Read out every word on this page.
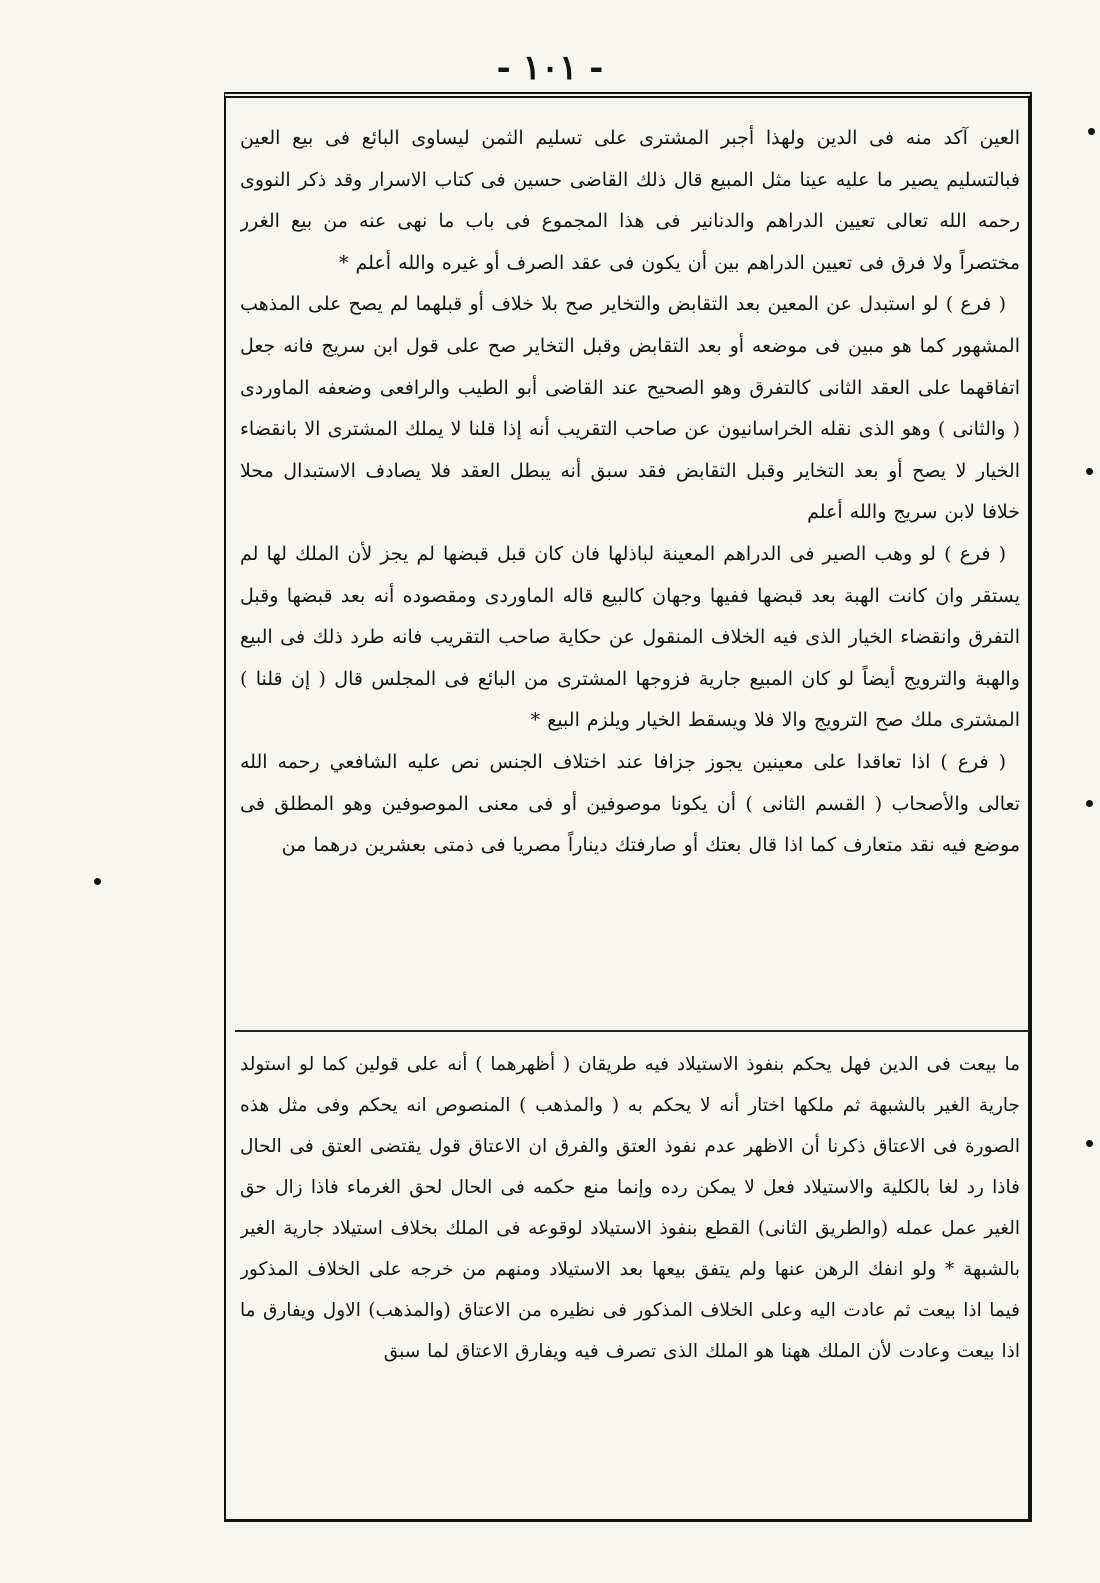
- ١٠١ -

العين آكد منه فى الدين ولهذا أجبر المشترى على تسليم الثمن ليساوى البائع فى بيع العين فبالتسليم يصير ما عليه عينا مثل المبيع قال ذلك القاضى حسين فى كتاب الاسرار وقد ذكر النووى رحمه الله تعالى تعيين الدراهم والدنانير فى هذا المجموع فى باب ما نهى عنه من بيع الغرر مختصراً ولا فرق فى تعيين الدراهم بين أن يكون فى عقد الصرف أو غيره والله أعلم *

( فرع ) لو استبدل عن المعين بعد التقابض والتخاير صح بلا خلاف أو قبلهما لم يصح على المذهب المشهور كما هو مبين فى موضعه أو بعد التقابض وقبل التخاير صح على قول ابن سريج فانه جعل اتفاقهما على العقد الثانى كالتفرق وهو الصحيح عند القاضى أبو الطيب والرافعى وضعفه الماوردى ( والثانى ) وهو الذى نقله الخراسانيون عن صاحب التقريب أنه إذا قلنا لا يملك المشترى الا بانقضاء الخيار لا يصح أو بعد التخاير وقبل التقابض فقد سبق أنه يبطل العقد فلا يصادف الاستبدال محلا خلافا لابن سريج والله أعلم

( فرع ) لو وهب الصير فى الدراهم المعينة لباذلها فان كان قبل قبضها لم يجز لأن الملك لها لم يستقر وان كانت الهبة بعد قبضها ففيها وجهان كالبيع قاله الماوردى ومقصوده أنه بعد قبضها وقبل التفرق وانقضاء الخيار الذى فيه الخلاف المنقول عن حكاية صاحب التقريب فانه طرد ذلك فى البيع والهبة والترويج أيضاً لو كان المبيع جارية فزوجها المشترى من البائع فى المجلس قال ( إن قلنا ) المشترى ملك صح الترويج والا فلا ويسقط الخيار ويلزم البيع *

( فرع ) اذا تعاقدا على معينين يجوز جزافا عند اختلاف الجنس نص عليه الشافعي رحمه الله تعالى والأصحاب ( القسم الثانى ) أن يكونا موصوفين أو فى معنى الموصوفين وهو المطلق فى موضع فيه نقد متعارف كما اذا قال بعتك أو صارفتك ديناراً مصريا فى ذمتى بعشرين درهما من

ما بيعت فى الدين فهل يحكم بنفوذ الاستيلاد فيه طريقان ( أظهرهما ) أنه على قولين كما لو استولد جارية الغير بالشبهة ثم ملكها اختار أنه لا يحكم به ( والمذهب ) المنصوص انه يحكم وفى مثل هذه الصورة فى الاعتاق ذكرنا أن الاظهر عدم نفوذ العتق والفرق ان الاعتاق قول يقتضى العتق فى الحال فاذا رد لغا بالكلية والاستيلاد فعل لا يمكن رده وإنما منع حكمه فى الحال لحق الغرماء فاذا زال حق الغير عمل عمله (والطريق الثانى) القطع بنفوذ الاستيلاد لوقوعه فى الملك بخلاف استيلاد جارية الغير بالشبهة * ولو انفك الرهن عنها ولم يتفق بيعها بعد الاستيلاد ومنهم من خرجه على الخلاف المذكور فيما اذا بيعت ثم عادت اليه وعلى الخلاف المذكور فى نظيره من الاعتاق (والمذهب) الاول ويفارق ما اذا بيعت وعادت لأن الملك ههنا هو الملك الذى تصرف فيه ويفارق الاعتاق لما سبق
